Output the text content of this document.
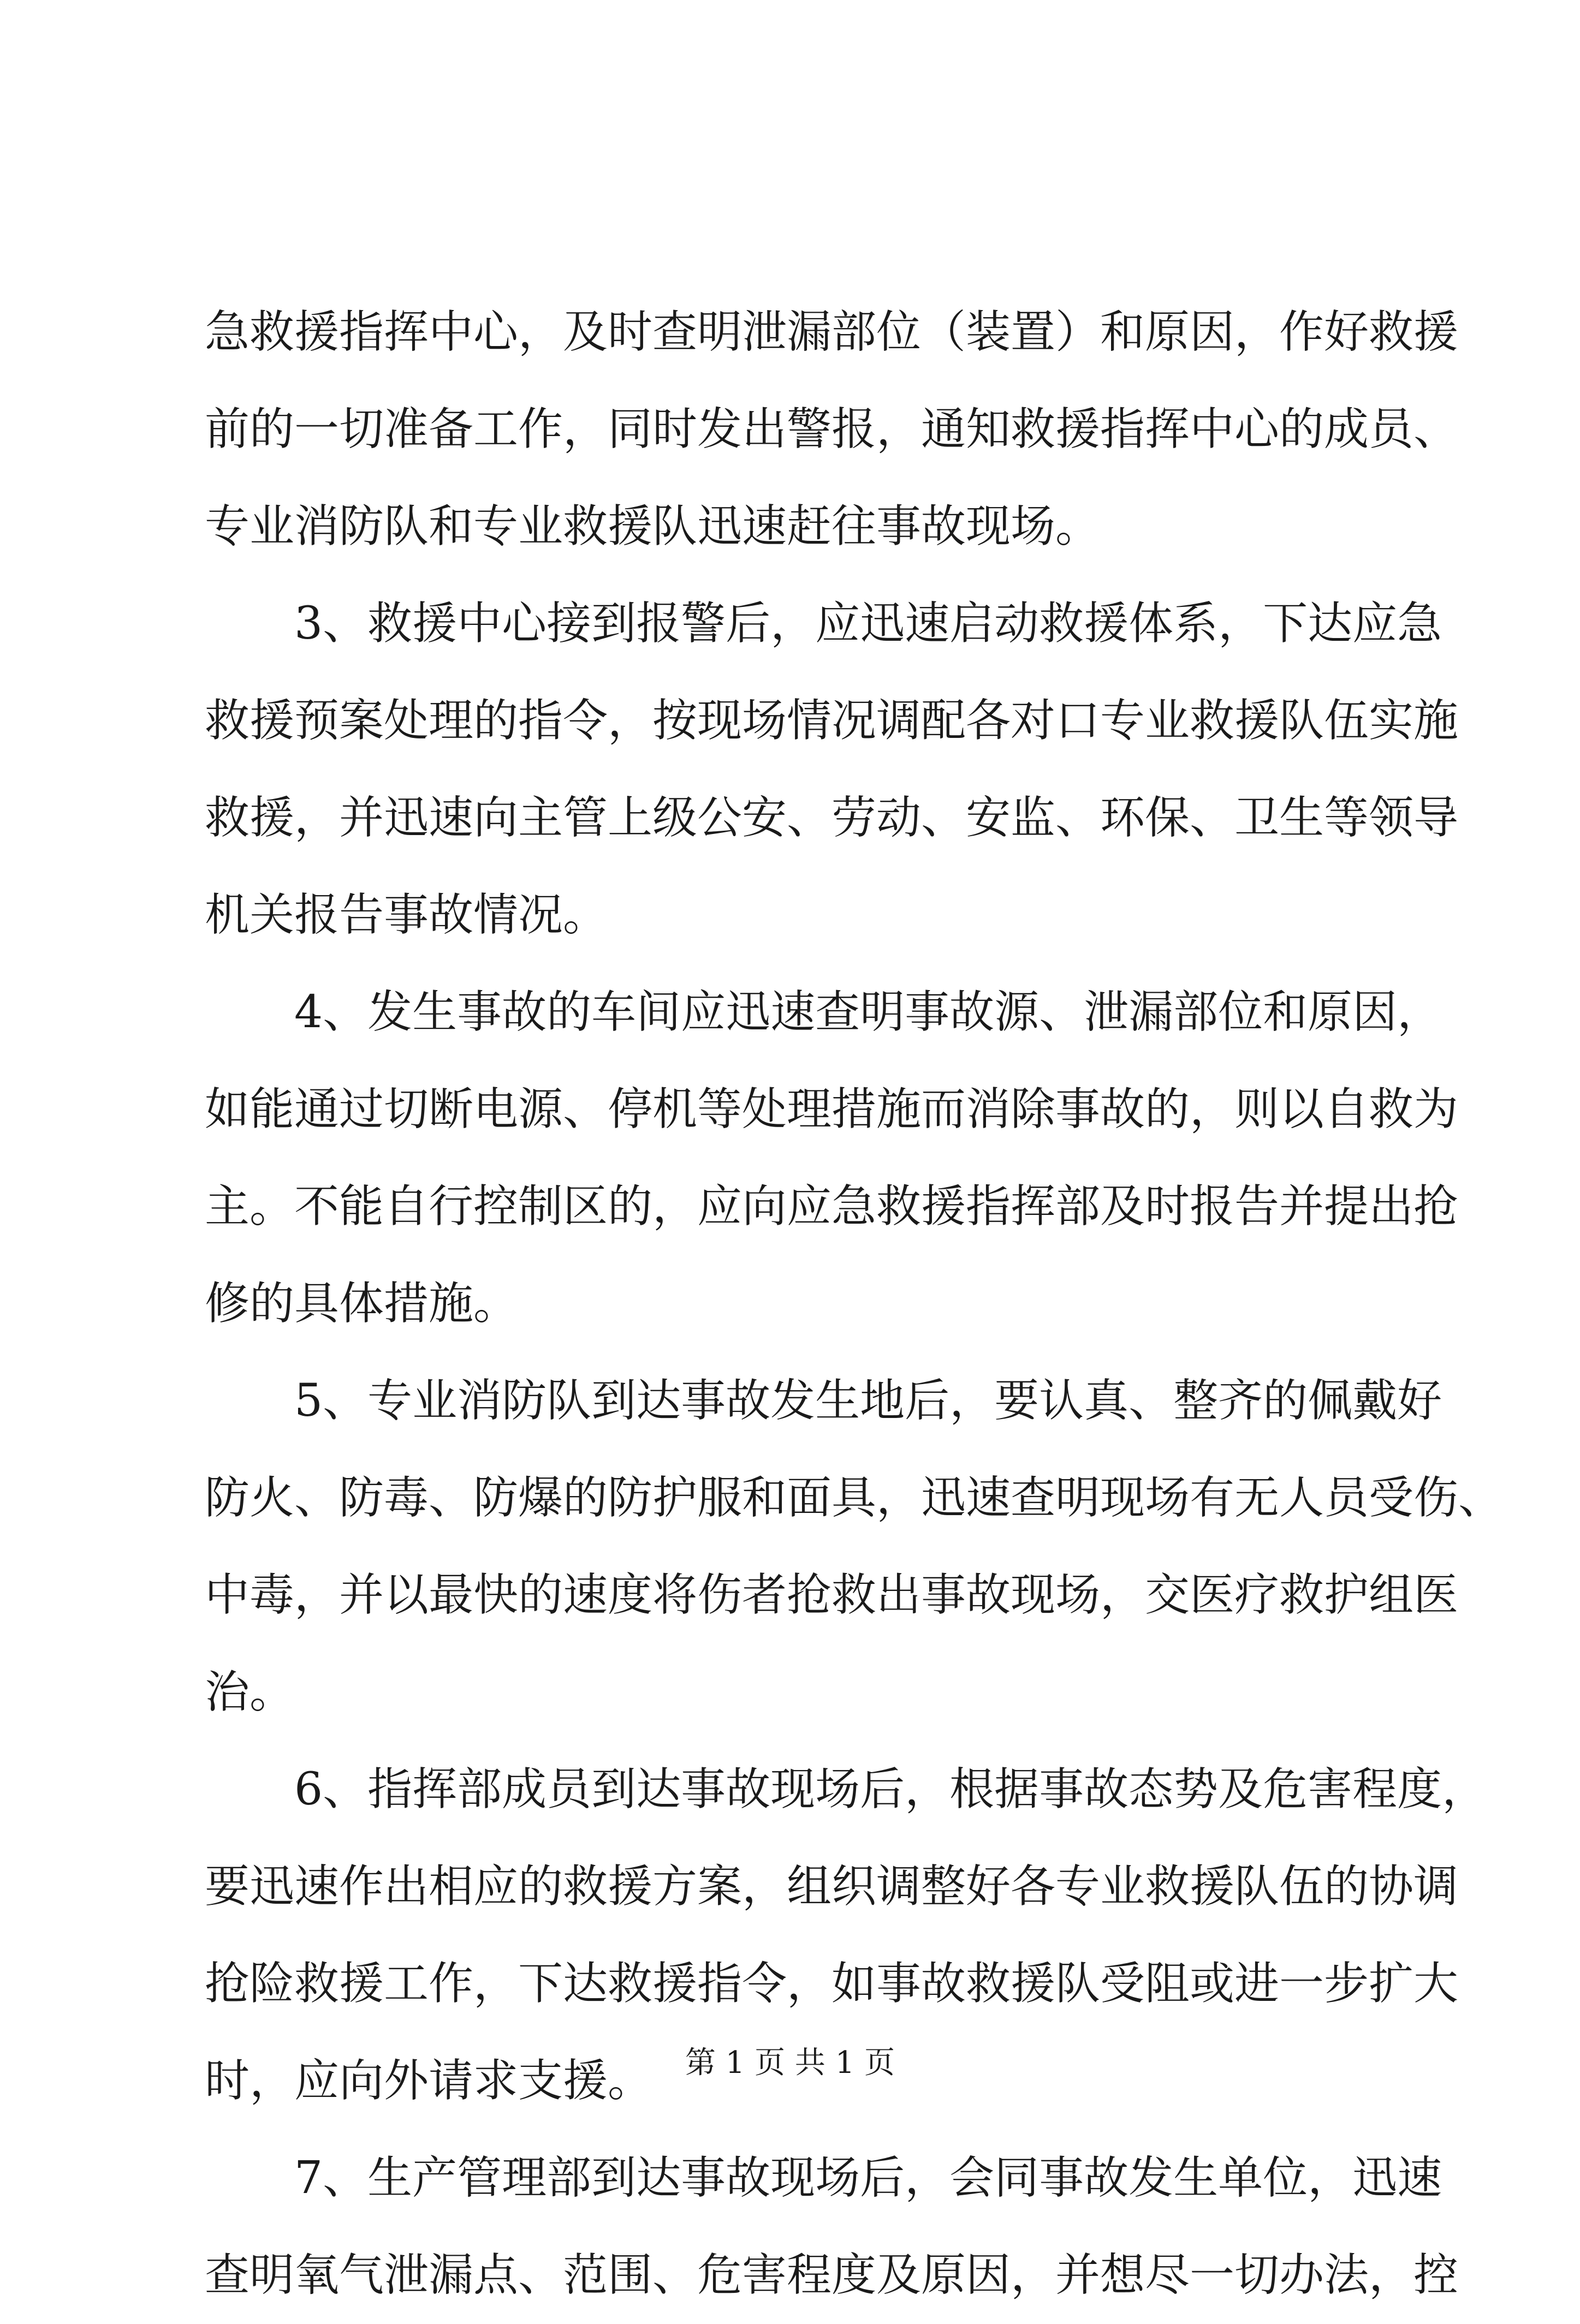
急救援指挥中心，及时查明泄漏部位（装置）和原因，作好救援
前的一切准备工作，同时发出警报，通知救援指挥中心的成员、
专业消防队和专业救援队迅速赶往事故现场。
3、救援中心接到报警后，应迅速启动救援体系，下达应急
救援预案处理的指令，按现场情况调配各对口专业救援队伍实施
救援，并迅速向主管上级公安、劳动、安监、环保、卫生等领导
机关报告事故情况。
4、发生事故的车间应迅速查明事故源、泄漏部位和原因，
如能通过切断电源、停机等处理措施而消除事故的，则以自救为
主。不能自行控制区的，应向应急救援指挥部及时报告并提出抢
修的具体措施。
5、专业消防队到达事故发生地后，要认真、整齐的佩戴好
防火、防毒、防爆的防护服和面具，迅速查明现场有无人员受伤、
中毒，并以最快的速度将伤者抢救出事故现场，交医疗救护组医
治。
6、指挥部成员到达事故现场后，根据事故态势及危害程度，
要迅速作出相应的救援方案，组织调整好各专业救援队伍的协调
抢险救援工作，下达救援指令，如事故救援队受阻或进一步扩大
时，应向外请求支援。
7、生产管理部到达事故现场后，会同事故发生单位，迅速
查明氧气泄漏点、范围、危害程度及原因，并想尽一切办法，控
第 1 页 共 1 页
